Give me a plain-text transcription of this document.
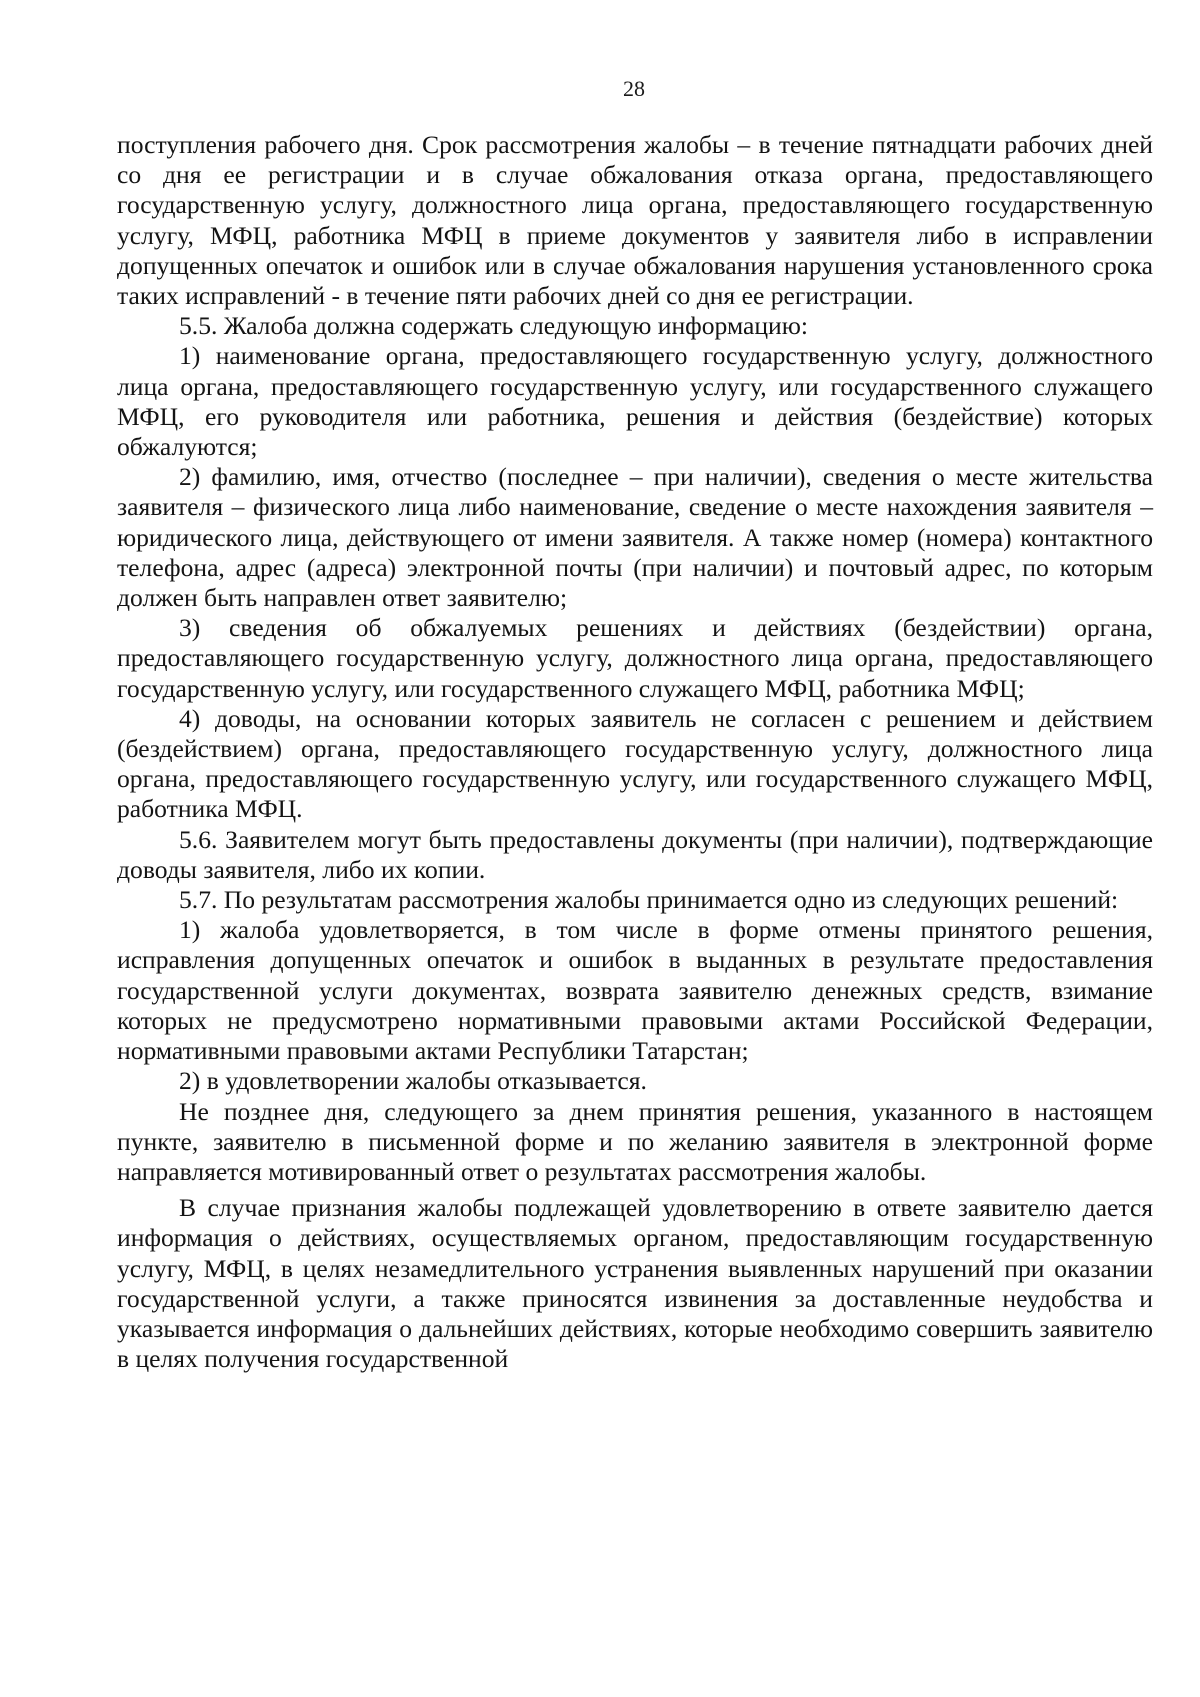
28

поступления рабочего дня. Срок рассмотрения жалобы – в течение пятнадцати рабочих дней со дня ее регистрации и в случае обжалования отказа органа, предоставляющего государственную услугу, должностного лица органа, предоставляющего государственную услугу, МФЦ, работника МФЦ в приеме документов у заявителя либо в исправлении допущенных опечаток и ошибок или в случае обжалования нарушения установленного срока таких исправлений - в течение пяти рабочих дней со дня ее регистрации.

5.5. Жалоба должна содержать следующую информацию:

1) наименование органа, предоставляющего государственную услугу, должностного лица органа, предоставляющего государственную услугу, или государственного служащего МФЦ, его руководителя или работника, решения и действия (бездействие) которых обжалуются;

2) фамилию, имя, отчество (последнее – при наличии), сведения о месте жительства заявителя – физического лица либо наименование, сведение о месте нахождения заявителя – юридического лица, действующего от имени заявителя. А также номер (номера) контактного телефона, адрес (адреса) электронной почты (при наличии) и почтовый адрес, по которым должен быть направлен ответ заявителю;

3) сведения об обжалуемых решениях и действиях (бездействии) органа, предоставляющего государственную услугу, должностного лица органа, предоставляющего государственную услугу, или государственного служащего МФЦ, работника МФЦ;

4) доводы, на основании которых заявитель не согласен с решением и действием (бездействием) органа, предоставляющего государственную услугу, должностного лица органа, предоставляющего государственную услугу, или государственного служащего МФЦ, работника МФЦ.

5.6. Заявителем могут быть предоставлены документы (при наличии), подтверждающие доводы заявителя, либо их копии.

5.7. По результатам рассмотрения жалобы принимается одно из следующих решений:

1) жалоба удовлетворяется, в том числе в форме отмены принятого решения, исправления допущенных опечаток и ошибок в выданных в результате предоставления государственной услуги документах, возврата заявителю денежных средств, взимание которых не предусмотрено нормативными правовыми актами Российской Федерации, нормативными правовыми актами Республики Татарстан;

2) в удовлетворении жалобы отказывается.

Не позднее дня, следующего за днем принятия решения, указанного в настоящем пункте, заявителю в письменной форме и по желанию заявителя в электронной форме направляется мотивированный ответ о результатах рассмотрения жалобы.

В случае признания жалобы подлежащей удовлетворению в ответе заявителю дается информация о действиях, осуществляемых органом, предоставляющим государственную услугу, МФЦ, в целях незамедлительного устранения выявленных нарушений при оказании государственной услуги, а также приносятся извинения за доставленные неудобства и указывается информация о дальнейших действиях, которые необходимо совершить заявителю в целях получения государственной
